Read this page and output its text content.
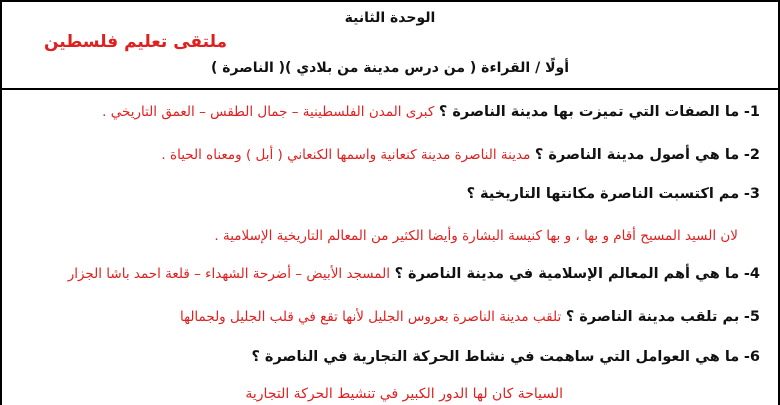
الوحدة الثانية
ملتقى تعليم فلسطين
أولًا / القراءة ( من درس مدينة من بلادي )( الناصرة )
1- ما الصفات التي تميزت بها مدينة الناصرة ؟ كبرى المدن الفلسطينية – جمال الطقس – العمق التاريخي .
2- ما هي أصول مدينة الناصرة ؟ مدينة الناصرة مدينة كنعانية واسمها الكنعاني ( أبل ) ومعناه الحياة .
3- مم اكتسبت الناصرة مكانتها التاريخية ؟
لان السيد المسيح أقام و بها ، و بها كنيسة البشارة وأيضا الكثير من المعالم التاريخية الإسلامية .
4- ما هي أهم المعالم الإسلامية في مدينة الناصرة ؟ المسجد الأبيض – أضرحة الشهداء – قلعة احمد باشا الجزار
5- بم تلقب مدينة الناصرة ؟ تلقب مدينة الناصرة بعروس الجليل لأنها تقع في قلب الجليل ولجمالها
6- ما هي العوامل التي ساهمت في نشاط الحركة التجارية في الناصرة ؟
السياحة كان لها الدور الكبير في تنشيط الحركة التجارية
